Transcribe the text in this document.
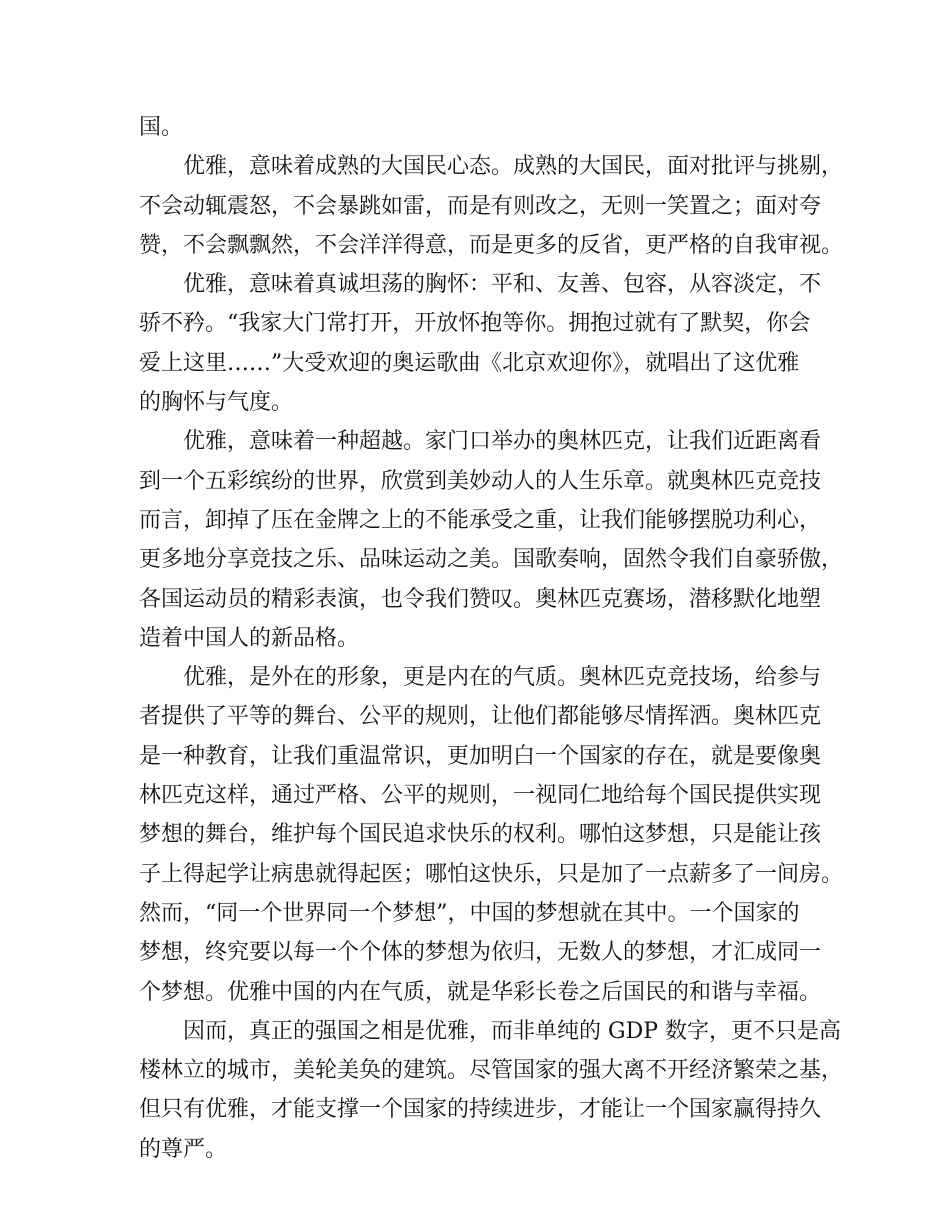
国。
优雅，意味着成熟的大国民心态。成熟的大国民，面对批评与挑剔，
不会动辄震怒，不会暴跳如雷，而是有则改之，无则一笑置之；面对夸
赞，不会飘飘然，不会洋洋得意，而是更多的反省，更严格的自我审视。
优雅，意味着真诚坦荡的胸怀：平和、友善、包容，从容淡定，不
骄不矜。“我家大门常打开，开放怀抱等你。拥抱过就有了默契，你会
爱上这里……”大受欢迎的奥运歌曲《北京欢迎你》，就唱出了这优雅
的胸怀与气度。
优雅，意味着一种超越。家门口举办的奥林匹克，让我们近距离看
到一个五彩缤纷的世界，欣赏到美妙动人的人生乐章。就奥林匹克竞技
而言，卸掉了压在金牌之上的不能承受之重，让我们能够摆脱功利心，
更多地分享竞技之乐、品味运动之美。国歌奏响，固然令我们自豪骄傲，
各国运动员的精彩表演，也令我们赞叹。奥林匹克赛场，潜移默化地塑
造着中国人的新品格。
优雅，是外在的形象，更是内在的气质。奥林匹克竞技场，给参与
者提供了平等的舞台、公平的规则，让他们都能够尽情挥洒。奥林匹克
是一种教育，让我们重温常识，更加明白一个国家的存在，就是要像奥
林匹克这样，通过严格、公平的规则，一视同仁地给每个国民提供实现
梦想的舞台，维护每个国民追求快乐的权利。哪怕这梦想，只是能让孩
子上得起学让病患就得起医；哪怕这快乐，只是加了一点薪多了一间房。
然而，“同一个世界同一个梦想”，中国的梦想就在其中。一个国家的
梦想，终究要以每一个个体的梦想为依归，无数人的梦想，才汇成同一
个梦想。优雅中国的内在气质，就是华彩长卷之后国民的和谐与幸福。
因而，真正的强国之相是优雅，而非单纯的 GDP 数字，更不只是高
楼林立的城市，美轮美奂的建筑。尽管国家的强大离不开经济繁荣之基，
但只有优雅，才能支撑一个国家的持续进步，才能让一个国家赢得持久
的尊严。
